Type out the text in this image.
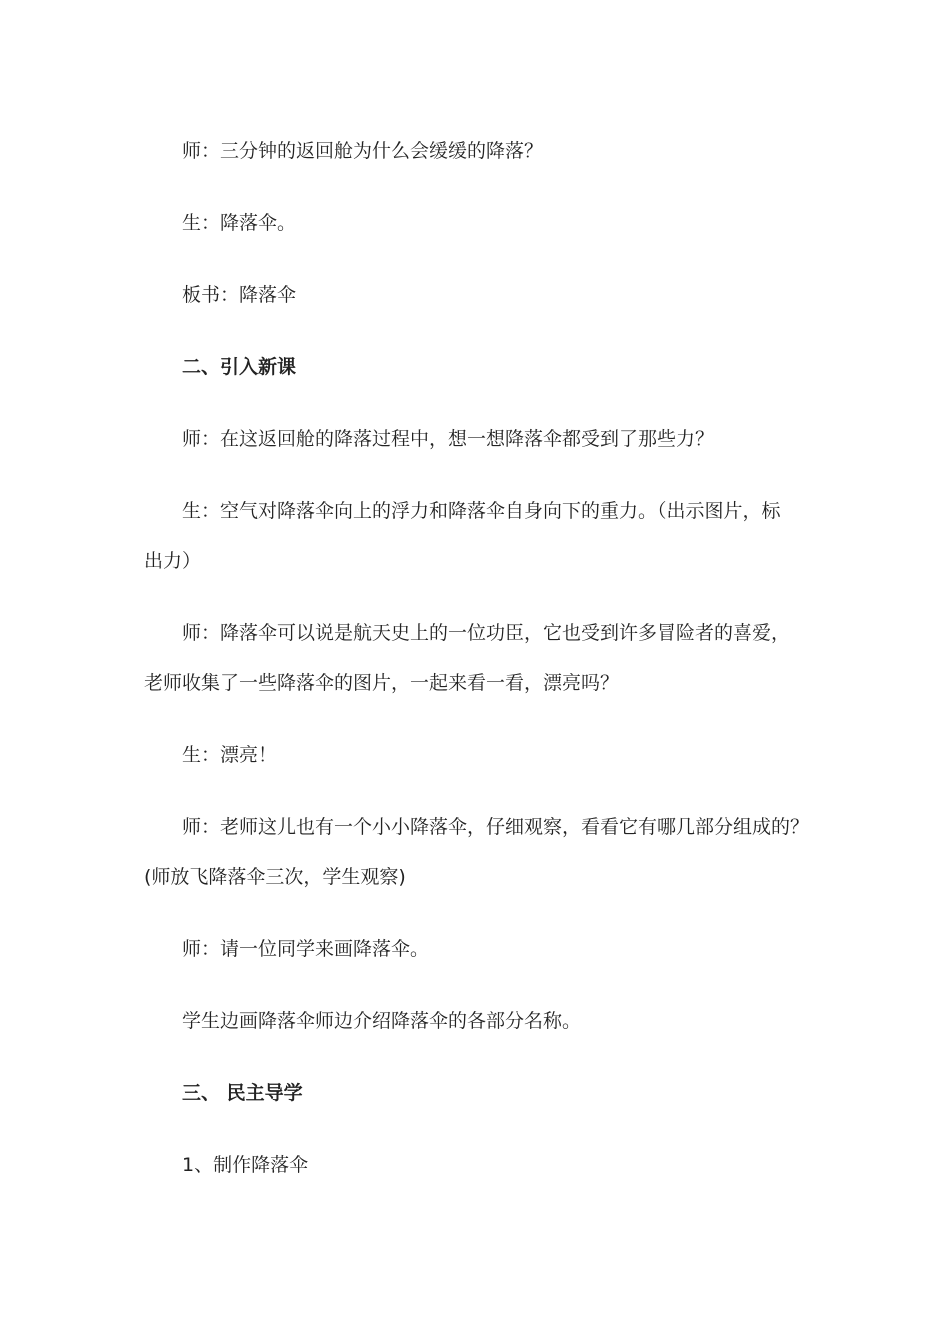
师：三分钟的返回舱为什么会缓缓的降落？
生：降落伞。
板书：降落伞
二、引入新课
师：在这返回舱的降落过程中，想一想降落伞都受到了那些力？
生：空气对降落伞向上的浮力和降落伞自身向下的重力。（出示图片，标
出力）
师：降落伞可以说是航天史上的一位功臣，它也受到许多冒险者的喜爱，
老师收集了一些降落伞的图片，一起来看一看，漂亮吗？
生：漂亮！
师：老师这儿也有一个小小降落伞，仔细观察，看看它有哪几部分组成的？
(师放飞降落伞三次，学生观察)
师：请一位同学来画降落伞。
学生边画降落伞师边介绍降落伞的各部分名称。
三、 民主导学
1、制作降落伞
